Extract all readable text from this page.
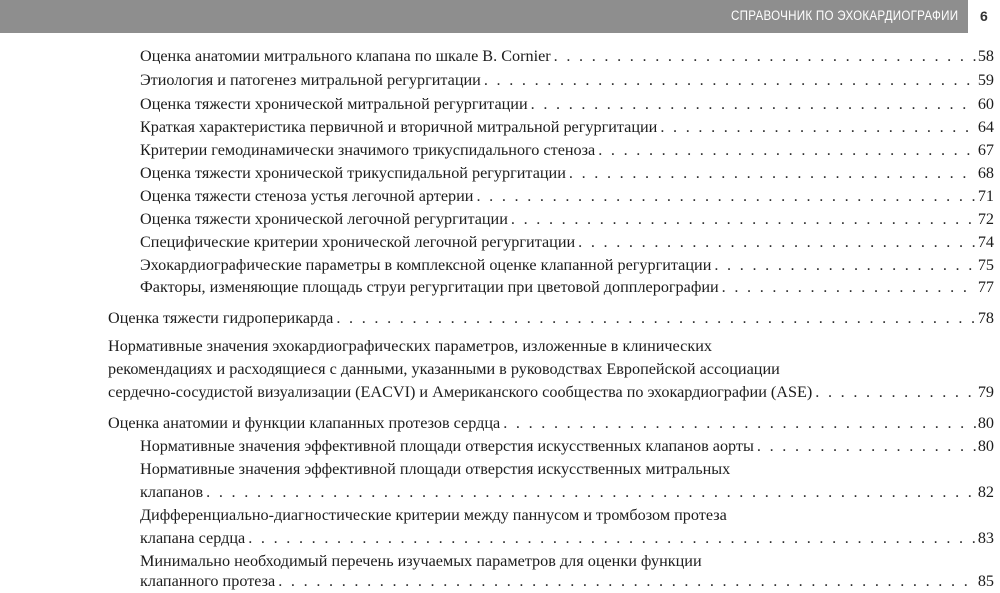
СПРАВОЧНИК ПО ЭХОКАРДИОГРАФИИ 6
Оценка анатомии митрального клапана по шкале B. Cornier . . .	58
Этиология и патогенез митральной регургитации . . .	59
Оценка тяжести хронической митральной регургитации . . .	60
Краткая характеристика первичной и вторичной митральной регургитации . . .	64
Критерии гемодинамически значимого трикуспидального стеноза . . .	67
Оценка тяжести хронической трикуспидальной регургитации . . .	68
Оценка тяжести стеноза устья легочной артерии . . .	71
Оценка тяжести хронической легочной регургитации . . .	72
Специфические критерии хронической легочной регургитации . . .	74
Эхокардиографические параметры в комплексной оценке клапанной регургитации . . .	75
Факторы, изменяющие площадь струи регургитации при цветовой допплерографии . . .	77
Оценка тяжести гидроперикарда . . .	78
Нормативные значения эхокардиографических параметров, изложенные в клинических
рекомендациях и расходящиеся с данными, указанными в руководствах Европейской ассоциации
сердечно-сосудистой визуализации (EACVI) и Американского сообщества по эхокардиографии (ASE) . . .	79
Оценка анатомии и функции клапанных протезов сердца . . .	80
Нормативные значения эффективной площади отверстия искусственных клапанов аорты . . .	80
Нормативные значения эффективной площади отверстия искусственных митральных
клапанов . . .	82
Дифференциально-диагностические критерии между паннусом и тромбозом протеза
клапана сердца . . .	83
Минимально необходимый перечень изучаемых параметров для оценки функции
клапанного протеза . . .	85
